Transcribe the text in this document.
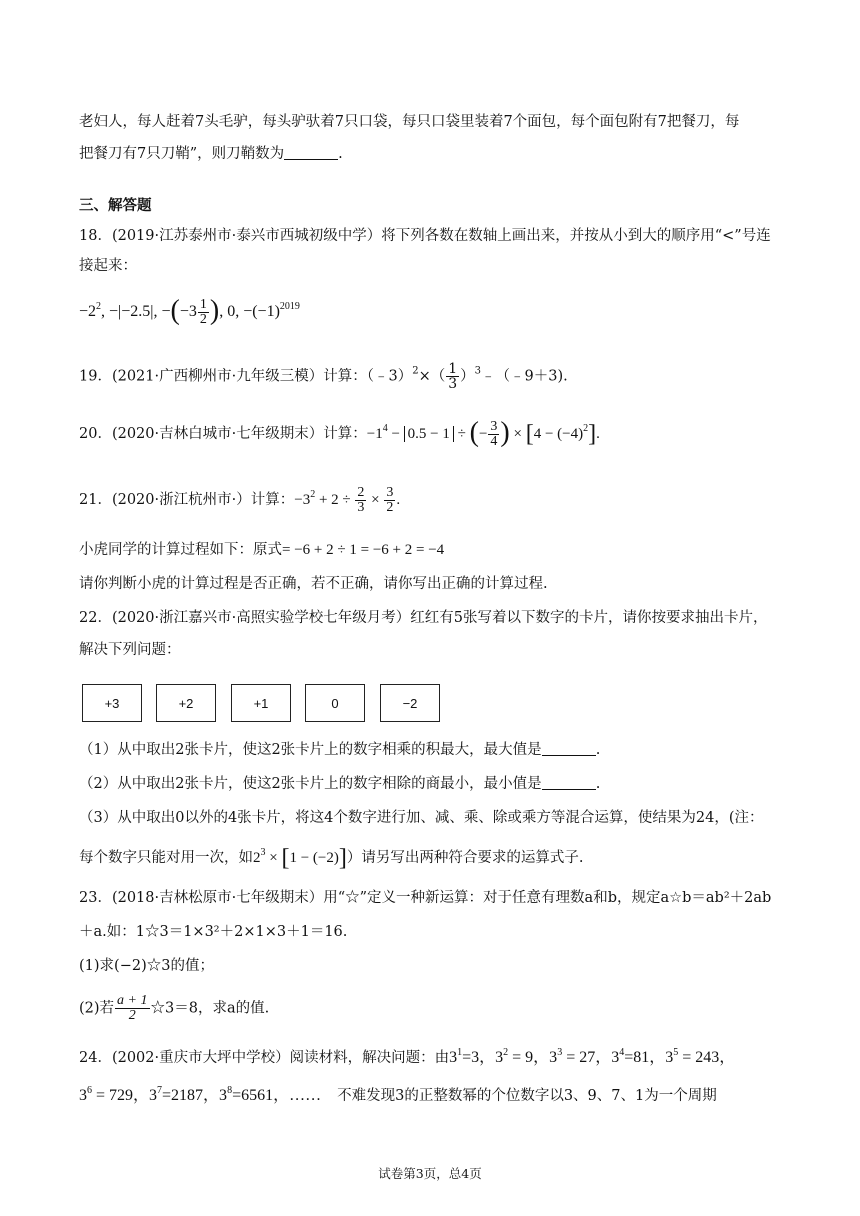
老妇人，每人赶着7头毛驴，每头驴驮着7只口袋，每只口袋里装着7个面包，每个面包附有7把餐刀，每
把餐刀有7只刀鞘”，则刀鞘数为	.
三、解答题
18．(2019·江苏泰州市·泰兴市西城初级中学）将下列各数在数轴上画出来，并按从小到大的顺序用“<”号连
接起来：
$-2^2$, −|−2.5|, $-(-3 \frac{1}{2}$ ), 0, $-(-1)^{2019}$
19．(2021·广西柳州市·九年级三模）计算：（﹣3）$^2$×（ $\frac{1}{3}$ ）$^3$﹣（﹣9＋3).
20．(2020·吉林白城市·七年级期末）计算：$-1^4 - 0.5 - 1$ ÷ (− $\frac{3}{4}$ ) × $[4 - (-4)^2]$.
21．(2020·浙江杭州市·）计算：$-3^2 + 2 \div \frac{2}{3} \times \frac{3}{2}$ .
小虎同学的计算过程如下：原式= −6 + 2 ÷ 1 = −6 + 2 = −4
请你判断小虎的计算过程是否正确，若不正确，请你写出正确的计算过程.
22．(2020·浙江嘉兴市·高照实验学校七年级月考）红红有5张写着以下数字的卡片，请你按要求抽出卡片，
解决下列问题：
+3	+2	+1	0	−2
（1）从中取出2张卡片，使这2张卡片上的数字相乘的积最大，最大值是	.
（2）从中取出2张卡片，使这2张卡片上的数字相除的商最小，最小值是	.
（3）从中取出0以外的4张卡片，将这4个数字进行加、减、乘、除或乘方等混合运算，使结果为24，(注：
每个数字只能对用一次，如$2^3 \times [1 - (-2)]$）请另写出两种符合要求的运算式子.
23．(2018·吉林松原市·七年级期末）用“☆”定义一种新运算：对于任意有理数a和b，规定a☆b＝ab²＋2ab
＋a.如：1☆3＝1×3²＋2×1×3＋1＝16.
(1)求(−2)☆3的值；
(2)若 $\frac{a + 1}{2}$ ☆3＝8，求a的值.
24．(2002·重庆市大坪中学校）阅读材料，解决问题：由$3^1=3$，$3^2 = 9$，$3^3 = 27$，$3^4=81$，$3^5 = 243$，
$3^6 = 729$，$3^7=2187$，$3^8=6561$，……　不难发现3的正整数幂的个位数字以3、9、7、1为一个周期
试卷第3页，总4页
